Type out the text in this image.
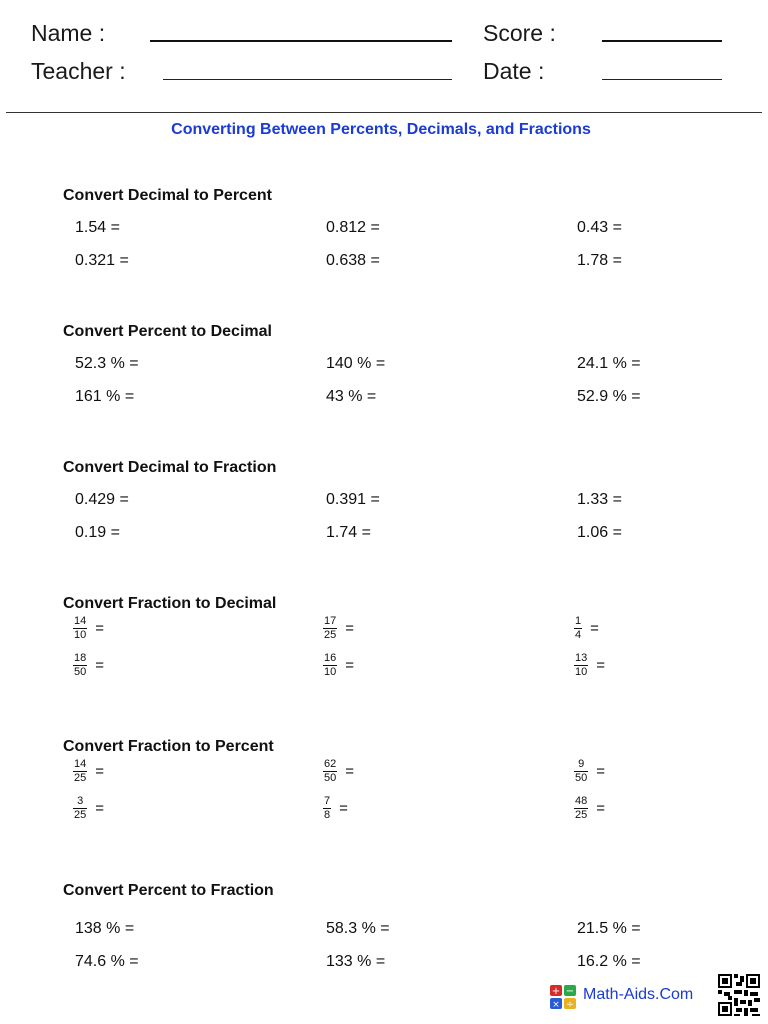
Name :	Score :
Teacher :	Date :
Converting Between Percents, Decimals, and Fractions
Convert Decimal to Percent
1.54 =	0.812 =	0.43 =
0.321 =	0.638 =	1.78 =
Convert Percent to Decimal
52.3 % =	140 % =	24.1 % =
161 % =	43 % =	52.9 % =
Convert Decimal to Fraction
0.429 =	0.391 =	1.33 =
0.19 =	1.74 =	1.06 =
Convert Fraction to Decimal
$\frac{14}{10}$ =	$\frac{17}{25}$ =	$\frac{1}{4}$ =
$\frac{18}{50}$ =	$\frac{16}{10}$ =	$\frac{13}{10}$ =
Convert Fraction to Percent
$\frac{14}{25}$ =	$\frac{62}{50}$ =	$\frac{9}{50}$ =
$\frac{3}{25}$ =	$\frac{7}{8}$ =	$\frac{48}{25}$ =
Convert Percent to Fraction
138 % =	58.3 % =	21.5 % =
74.6 % =	133 % =	16.2 % =
+ −
× ÷
Math-Aids.Com
